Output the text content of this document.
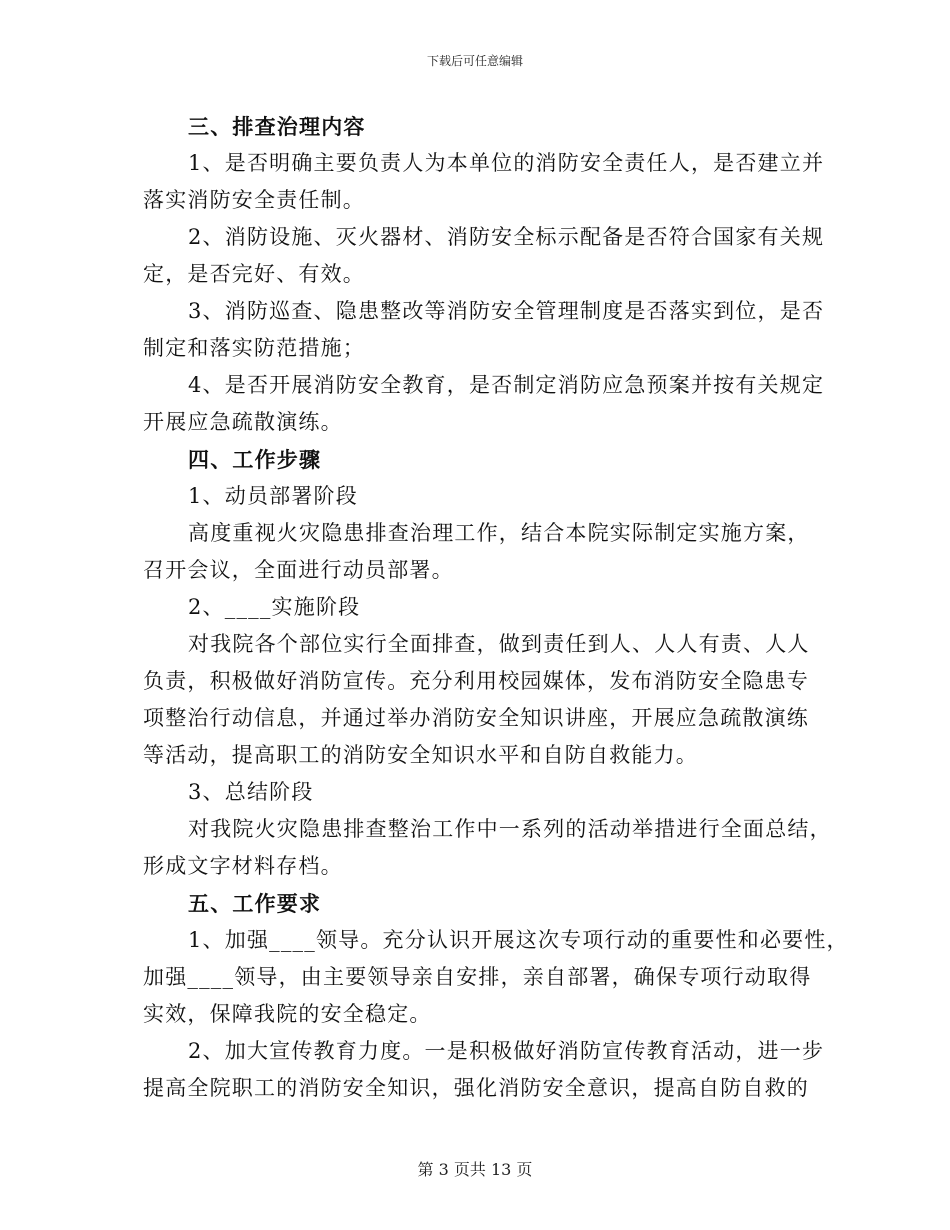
下载后可任意编辑
三、排查治理内容
1、是否明确主要负责人为本单位的消防安全责任人，是否建立并
落实消防安全责任制。
2、消防设施、灭火器材、消防安全标示配备是否符合国家有关规
定，是否完好、有效。
3、消防巡查、隐患整改等消防安全管理制度是否落实到位，是否
制定和落实防范措施；
4、是否开展消防安全教育，是否制定消防应急预案并按有关规定
开展应急疏散演练。
四、工作步骤
1、动员部署阶段
高度重视火灾隐患排查治理工作，结合本院实际制定实施方案，
召开会议，全面进行动员部署。
2、____实施阶段
对我院各个部位实行全面排查，做到责任到人、人人有责、人人
负责，积极做好消防宣传。充分利用校园媒体，发布消防安全隐患专
项整治行动信息，并通过举办消防安全知识讲座，开展应急疏散演练
等活动，提高职工的消防安全知识水平和自防自救能力。
3、总结阶段
对我院火灾隐患排查整治工作中一系列的活动举措进行全面总结，
形成文字材料存档。
五、工作要求
1、加强____领导。充分认识开展这次专项行动的重要性和必要性，
加强____领导，由主要领导亲自安排，亲自部署，确保专项行动取得
实效，保障我院的安全稳定。
2、加大宣传教育力度。一是积极做好消防宣传教育活动，进一步
提高全院职工的消防安全知识，强化消防安全意识，提高自防自救的
第 3 页共 13 页
